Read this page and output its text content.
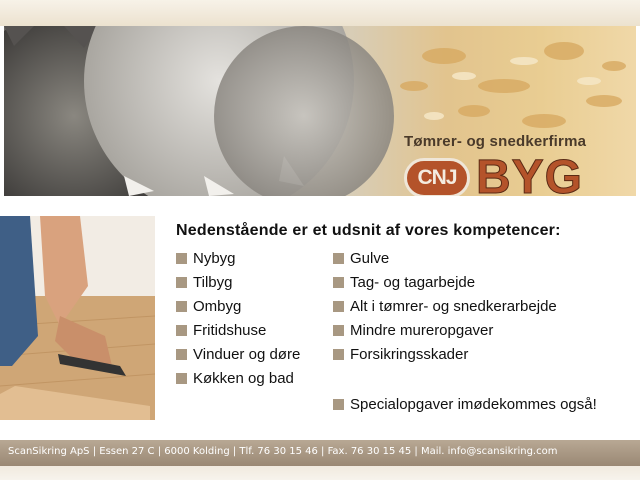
Tømrer- og snedkerfirma
CNJ BYG
Nedenstående er et udsnit af vores kompetencer:
Nybyg
Tilbyg
Ombyg
Fritidshuse
Vinduer og døre
Køkken og bad
Gulve
Tag- og tagarbejde
Alt i tømrer- og snedkerarbejde
Mindre mureropgaver
Forsikringsskader
Specialopgaver imødekommes også!
ScanSikring ApS | Essen 27 C | 6000 Kolding | Tlf. 76 30 15 46 | Fax. 76 30 15 45 | Mail. info@scansikring.com
